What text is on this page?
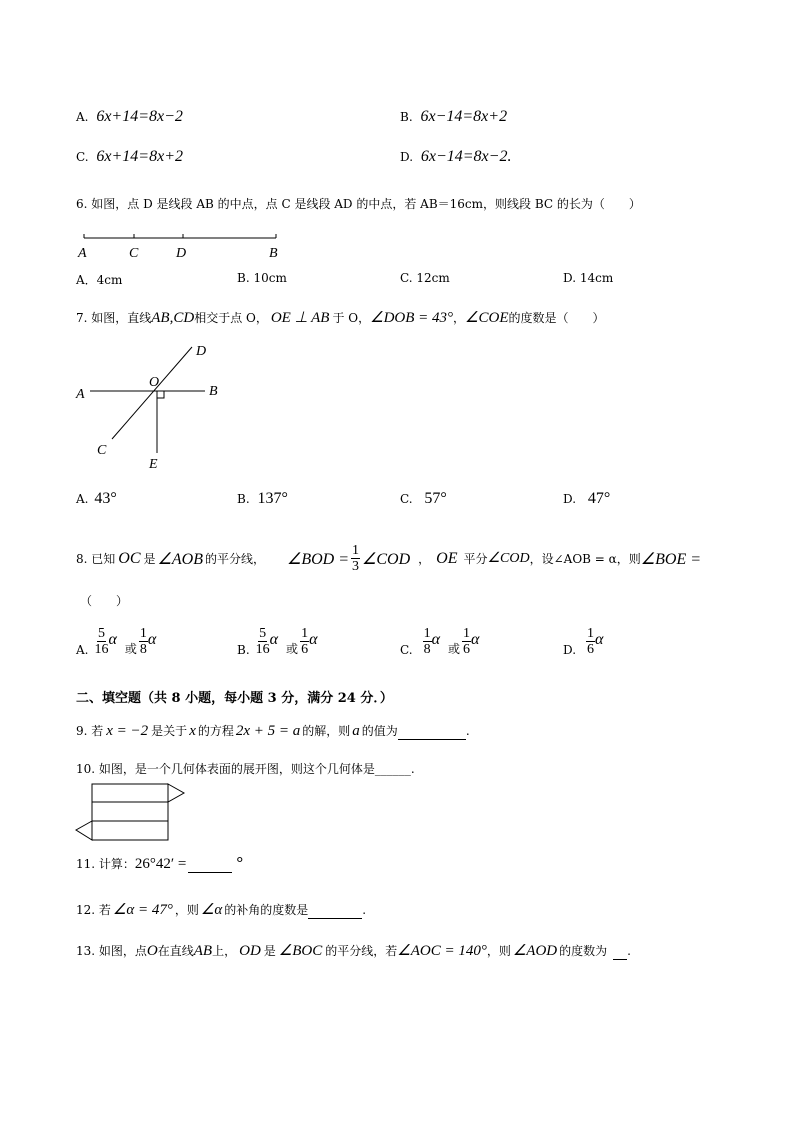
A. 6x+14=8x−2	B. 6x−14=8x+2
C. 6x+14=8x+2	D. 6x−14=8x−2.
6. 如图，点 D 是线段 AB 的中点，点 C 是线段 AD 的中点，若 AB＝16cm，则线段 BC 的长为（　　）
A	C	D	B
A．4cm	B. 10cm	C. 12cm	D. 14cm
7. 如图，直线AB,CD相交于点 O， OE ⊥ AB 于 O，∠DOB = 43°，∠COE的度数是（　　）
D
O
A	B
C
E
A. 43°	B. 137°	C. 57°	D. 47°
8. 已知 OC 是 ∠AOB 的平分线， ∠BOD = $\frac{1}{3}$ ∠COD ， OE 平分 ∠COD ，设∠AOB = α，则 ∠BOE =
（　　）
A. $\frac{5}{16}$ α
或 $\frac{1}{8}$ α
B. $\frac{5}{16}$ α
或 $\frac{1}{6}$ α
C. $\frac{1}{8}$ α
或 $\frac{1}{6}$ α
D. $\frac{1}{6}$ α
二、填空题（共 8 小题，每小题 3 分，满分 24 分．）
9. 若 x = −2 是关于 x 的方程 2x + 5 = a 的解，则 a 的值为	.
10. 如图，是一个几何体表面的展开图，则这个几何体是______.
11. 计算：26°42′ =	°
12. 若 ∠α = 47° ，则 ∠α 的补角的度数是	.
13. 如图，点O在直线AB上， OD 是 ∠BOC 的平分线，若∠AOC = 140°，则 ∠AOD 的度数为 .
